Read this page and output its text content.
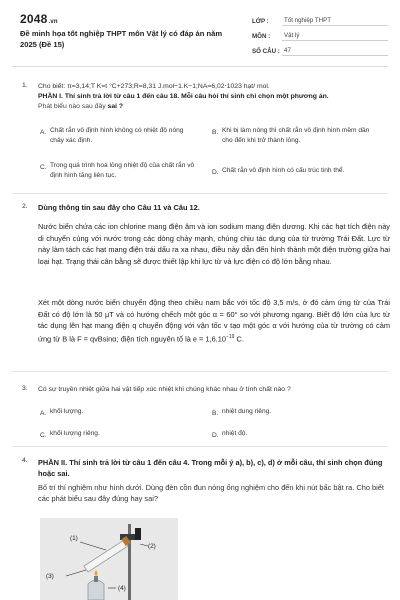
2048.vn
Đề minh họa tốt nghiệp THPT môn Vật lý có đáp án năm 2025 (Đề 15)
LỚP :	Tốt nghiệp THPT
MÔN :	Vật lý
SỐ CÂU : 47
1. Cho biết: π=3,14;T K=t °C+273;R=8,31 J.mol−1.K−1;NA=6,02⋅1023 hạt/ mol.
PHẦN I. Thí sinh trả lời từ câu 1 đến câu 18. Mỗi câu hỏi thí sinh chỉ chọn một phương án.
Phát biểu nào sau đây sai ?
A. Chất rắn vô định hình không có nhiệt độ nóng chảy xác định.
B. Khi bị làm nóng thì chất rắn vô định hình mềm dần cho đến khi trở thành lỏng.
C. Trong quá trình hoá lỏng nhiệt độ của chất rắn vô định hình tăng liên tục.	D. Chất rắn vô định hình có cấu trúc tinh thể.
2. Dùng thông tin sau đây cho Câu 11 và Câu 12.
Nước biển chứa các ion chlorine mang điện âm và ion sodium mang điện dương. Khi các hạt tích điện này di chuyển cùng với nước trong các dòng chảy mạnh, chúng chịu tác dụng của từ trường Trái Đất. Lực từ này làm tách các hạt mang điện trái dấu ra xa nhau, điều này dẫn đến hình thành một điện trường giữa hai loại hạt. Trạng thái cân bằng sẽ được thiết lập khi lực từ và lực điện có độ lớn bằng nhau.
Xét một dòng nước biển chuyển động theo chiều nam bắc với tốc độ 3,5 m/s, ở đó cảm ứng từ của Trái Đất có độ lớn là 50 μT và có hướng chếch một góc α = 60° so với phương ngang. Biết độ lớn của lực từ tác dụng lên hạt mang điện q chuyển động với vận tốc v tạo một góc α với hướng của từ trường có cảm ứng từ B là F = qvBsinα; điện tích nguyên tố là $e = 1,6.10^{-19}$ C.
3. Có sự truyền nhiệt giữa hai vật tiếp xúc nhiệt khi chúng khác nhau ở tính chất nào ?
A. khối lượng.	B. nhiệt dung riêng.
C. khối lượng riêng.	D. nhiệt độ.
4. PHẦN II. Thí sinh trả lời từ câu 1 đến câu 4. Trong mỗi ý a), b), c), d) ở mỗi câu, thí sinh chọn đúng hoặc sai.
Bố trí thí nghiệm như hình dưới. Dùng đèn cồn đun nóng ống nghiệm cho đến khi nút bấc bật ra. Cho biết các phát biểu sau đây đúng hay sai?
(1)
(2)
(3)
(4)
